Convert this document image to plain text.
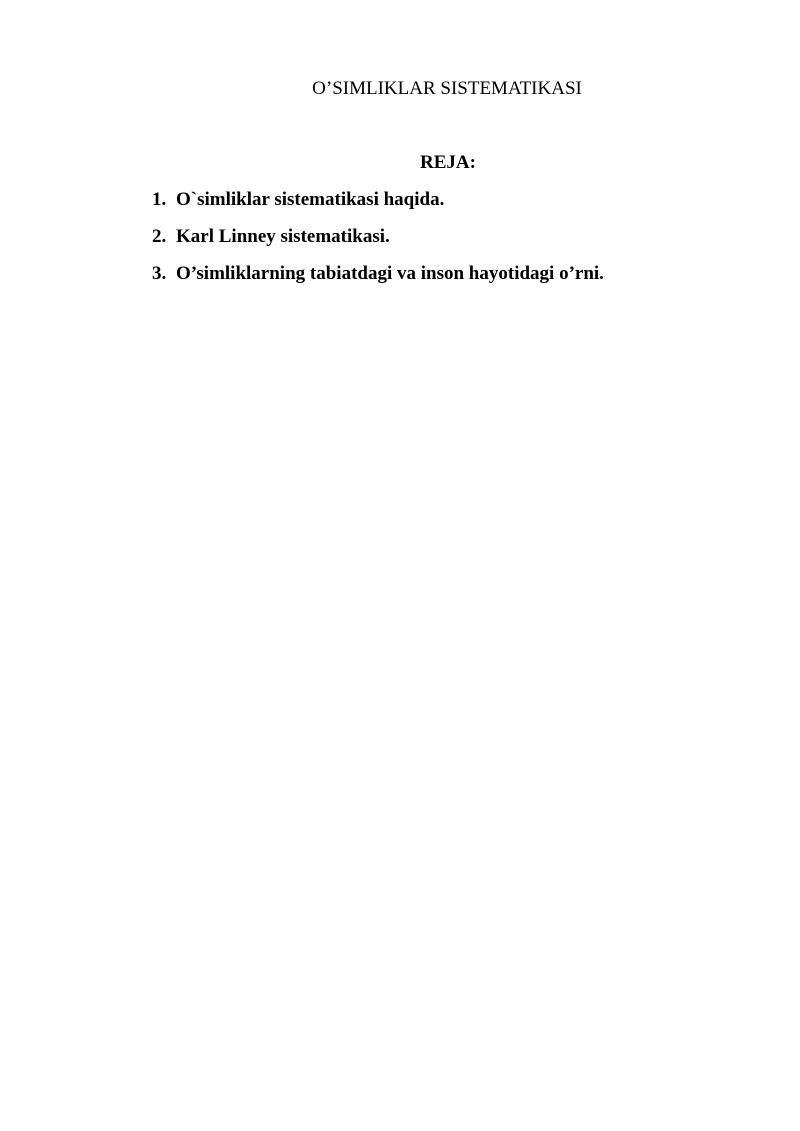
O’SIMLIKLAR SISTEMATIKASI
REJA:
1. O`simliklar sistematikasi haqida.
2. Karl Linney sistematikasi.
3. O’simliklarning tabiatdagi va inson hayotidagi o’rni.
